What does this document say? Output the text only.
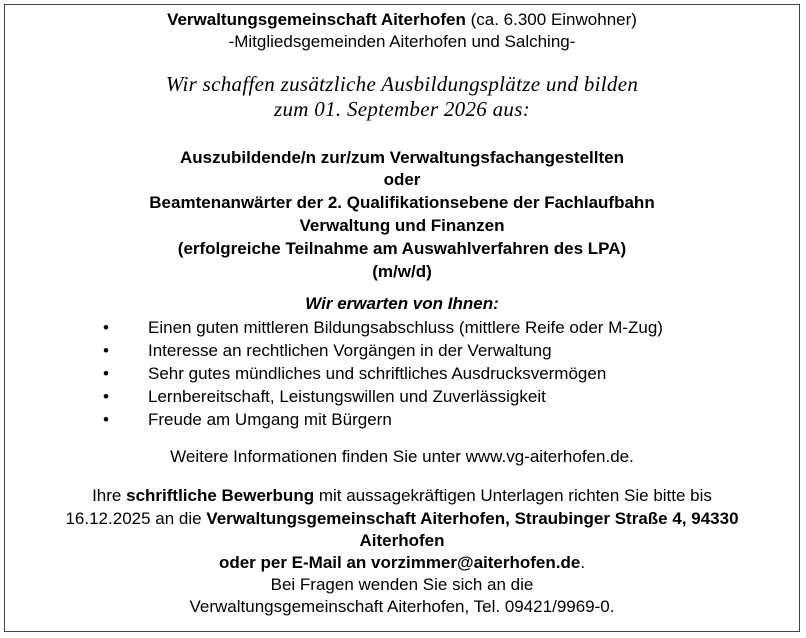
Verwaltungsgemeinschaft Aiterhofen (ca. 6.300 Einwohner)
-Mitgliedsgemeinden Aiterhofen und Salching-
Wir schaffen zusätzliche Ausbildungsplätze und bilden
zum 01. September 2026 aus:
Auszubildende/n zur/zum Verwaltungsfachangestellten
oder
Beamtenanwärter der 2. Qualifikationsebene der Fachlaufbahn
Verwaltung und Finanzen
(erfolgreiche Teilnahme am Auswahlverfahren des LPA)
(m/w/d)
Wir erwarten von Ihnen:
• Einen guten mittleren Bildungsabschluss (mittlere Reife oder M-Zug)
• Interesse an rechtlichen Vorgängen in der Verwaltung
• Sehr gutes mündliches und schriftliches Ausdrucksvermögen
• Lernbereitschaft, Leistungswillen und Zuverlässigkeit
• Freude am Umgang mit Bürgern
Weitere Informationen finden Sie unter www.vg-aiterhofen.de.
Ihre schriftliche Bewerbung mit aussagekräftigen Unterlagen richten Sie bitte bis
16.12.2025 an die Verwaltungsgemeinschaft Aiterhofen, Straubinger Straße 4, 94330
Aiterhofen
oder per E-Mail an vorzimmer@aiterhofen.de.
Bei Fragen wenden Sie sich an die
Verwaltungsgemeinschaft Aiterhofen, Tel. 09421/9969-0.
